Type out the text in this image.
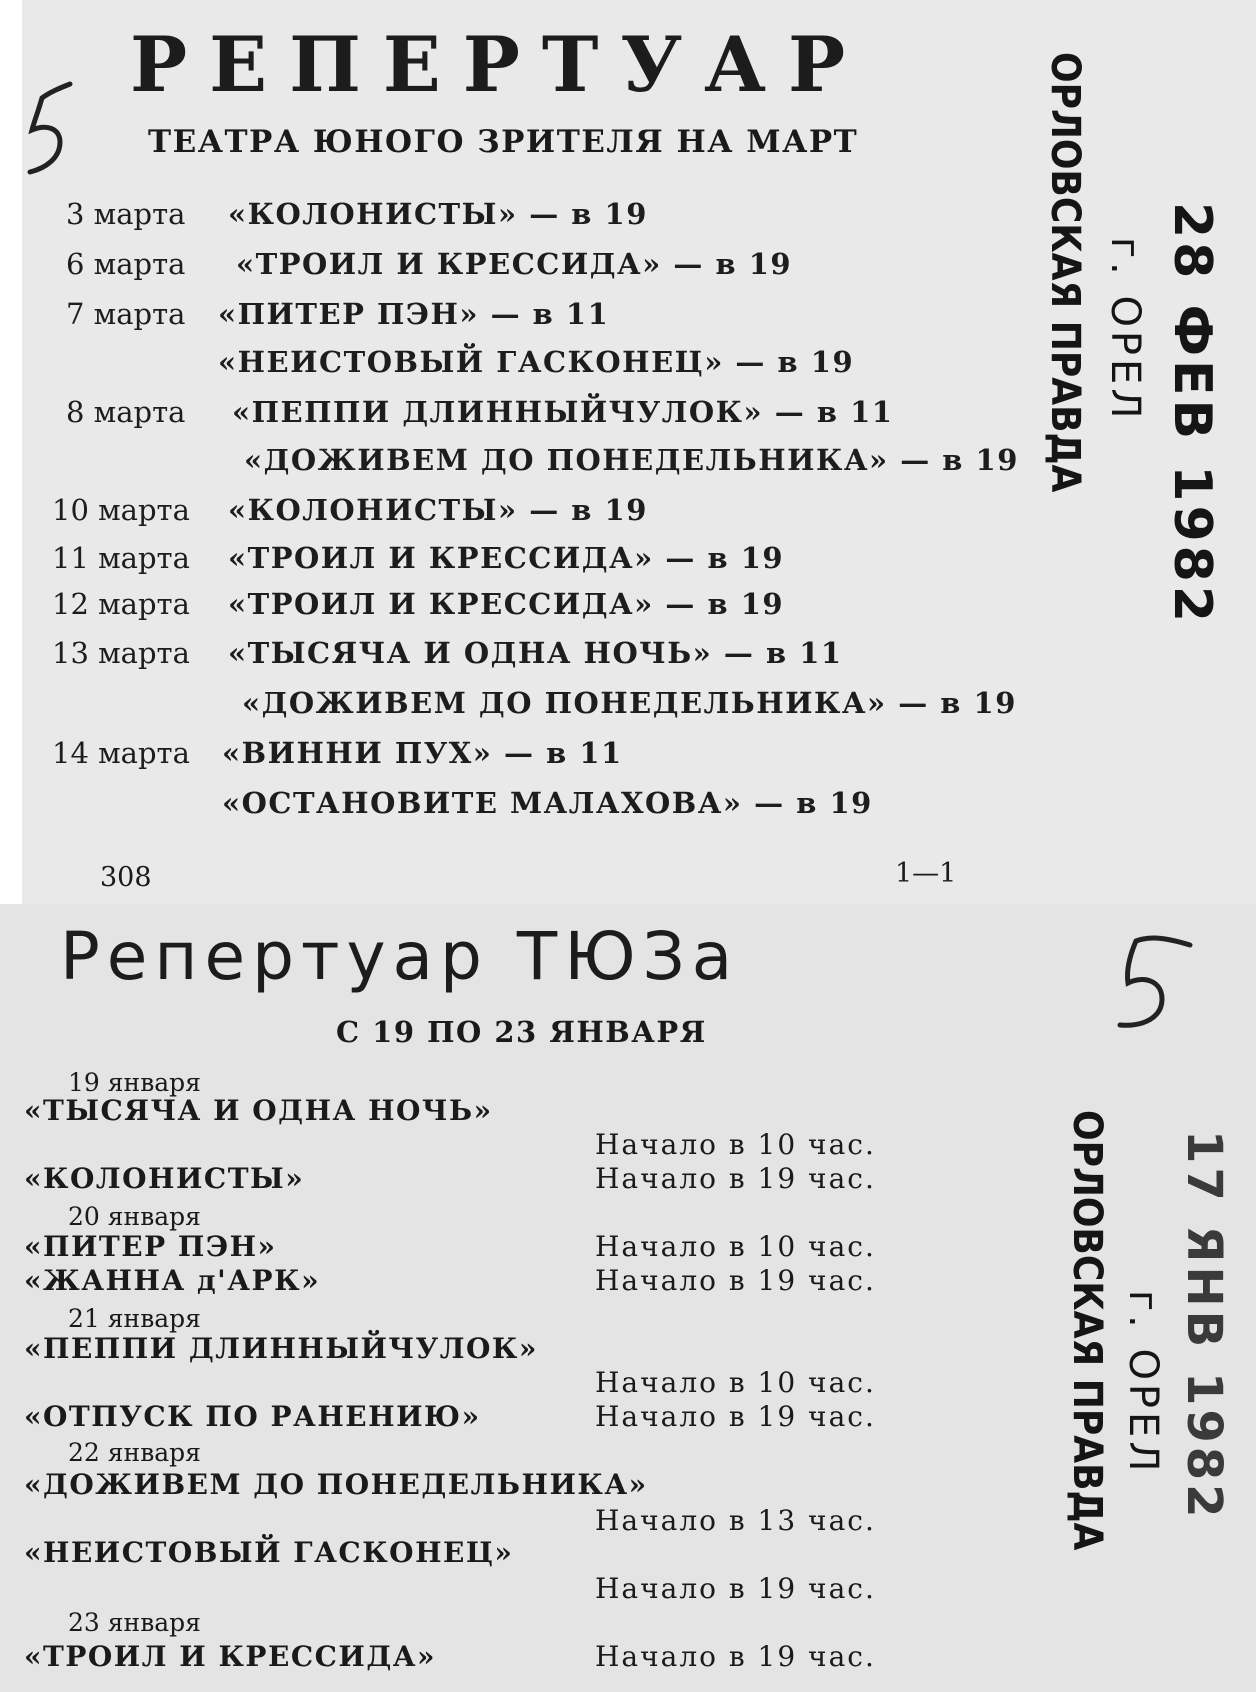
РЕПЕРТУАР
ТЕАТРА ЮНОГО ЗРИТЕЛЯ НА МАРТ
3 марта «КОЛОНИСТЫ» — в 19
6 марта «ТРОИЛ И КРЕССИДА» — в 19
7 марта «ПИТЕР ПЭН» — в 11
«НЕИСТОВЫЙ ГАСКОНЕЦ» — в 19
8 марта «ПЕППИ ДЛИННЫЙЧУЛОК» — в 11
«ДОЖИВЕМ ДО ПОНЕДЕЛЬНИКА» — в 19
10 марта «КОЛОНИСТЫ» — в 19
11 марта «ТРОИЛ И КРЕССИДА» — в 19
12 марта «ТРОИЛ И КРЕССИДА» — в 19
13 марта «ТЫСЯЧА И ОДНА НОЧЬ» — в 11
«ДОЖИВЕМ ДО ПОНЕДЕЛЬНИКА» — в 19
14 марта «ВИННИ ПУХ» — в 11
«ОСТАНОВИТЕ МАЛАХОВА» — в 19
308	1—1
28 ФЕВ 1982
г. ОРЕЛ
ОРЛОВСКАЯ ПРАВДА
Репертуар ТЮЗа
С 19 ПО 23 ЯНВАРЯ
19 января
20 января
21 января
22 января
23 января
«ТЫСЯЧА И ОДНА НОЧЬ»
«КОЛОНИСТЫ»
«ПИТЕР ПЭН»
«ЖАННА д'АРК»
«ПЕППИ ДЛИННЫЙЧУЛОК»
«ОТПУСК ПО РАНЕНИЮ»
«ДОЖИВЕМ ДО ПОНЕДЕЛЬНИКА»
«НЕИСТОВЫЙ ГАСКОНЕЦ»
«ТРОИЛ И КРЕССИДА»
Начало в 10 час.
Начало в 19 час.
Начало в 10 час.
Начало в 19 час.
Начало в 10 час.
Начало в 19 час.
Начало в 13 час.
Начало в 19 час.
Начало в 19 час.
17 ЯНВ 1982
г. ОРЕЛ
ОРЛОВСКАЯ ПРАВДА
